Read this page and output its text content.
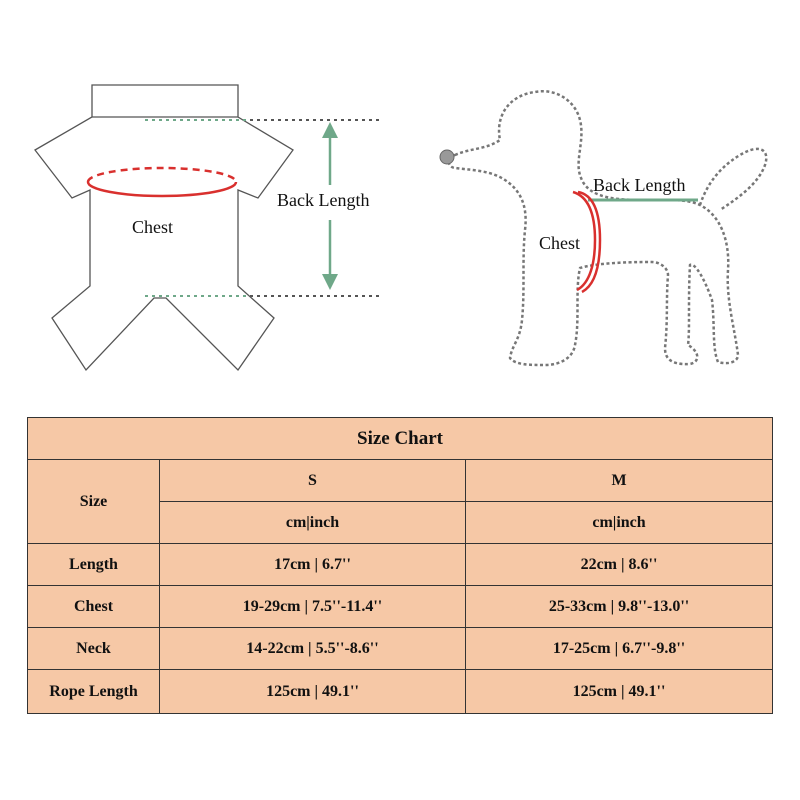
Chest
Back Length
Chest
Back Length
Size Chart		
Size	S	M
	cm|inch	cm|inch
Length	17cm | 6.7''	22cm | 8.6''
Chest	19-29cm | 7.5''-11.4''	25-33cm | 9.8''-13.0''
Neck	14-22cm | 5.5''-8.6''	17-25cm | 6.7''-9.8''
Rope Length	125cm | 49.1''	125cm | 49.1''
